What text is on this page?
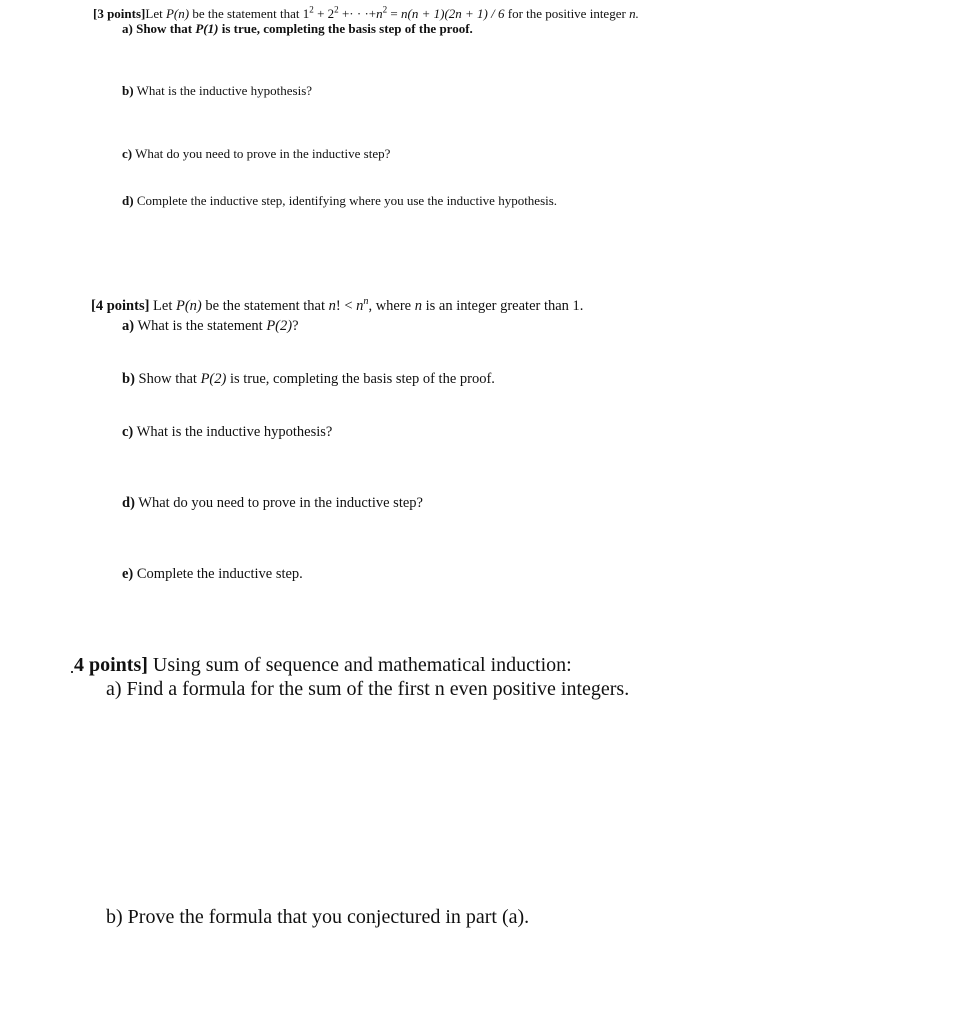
[3 points]Let P(n) be the statement that $1^2 + 2^2$ +· · $\cdot+n^2 = n(n + 1)(2n + 1) / 6$ for the positive integer n.
a) Show that P(1) is true, completing the basis step of the proof.
b) What is the inductive hypothesis?
c) What do you need to prove in the inductive step?
d) Complete the inductive step, identifying where you use the inductive hypothesis.
[4 points] Let P(n) be the statement that n! < $n^n$, where n is an integer greater than 1.
a) What is the statement P(2)?
b) Show that P(2) is true, completing the basis step of the proof.
c) What is the inductive hypothesis?
d) What do you need to prove in the inductive step?
e) Complete the inductive step.
4 points] Using sum of sequence and mathematical induction:
a) Find a formula for the sum of the first n even positive integers.
b) Prove the formula that you conjectured in part (a).
